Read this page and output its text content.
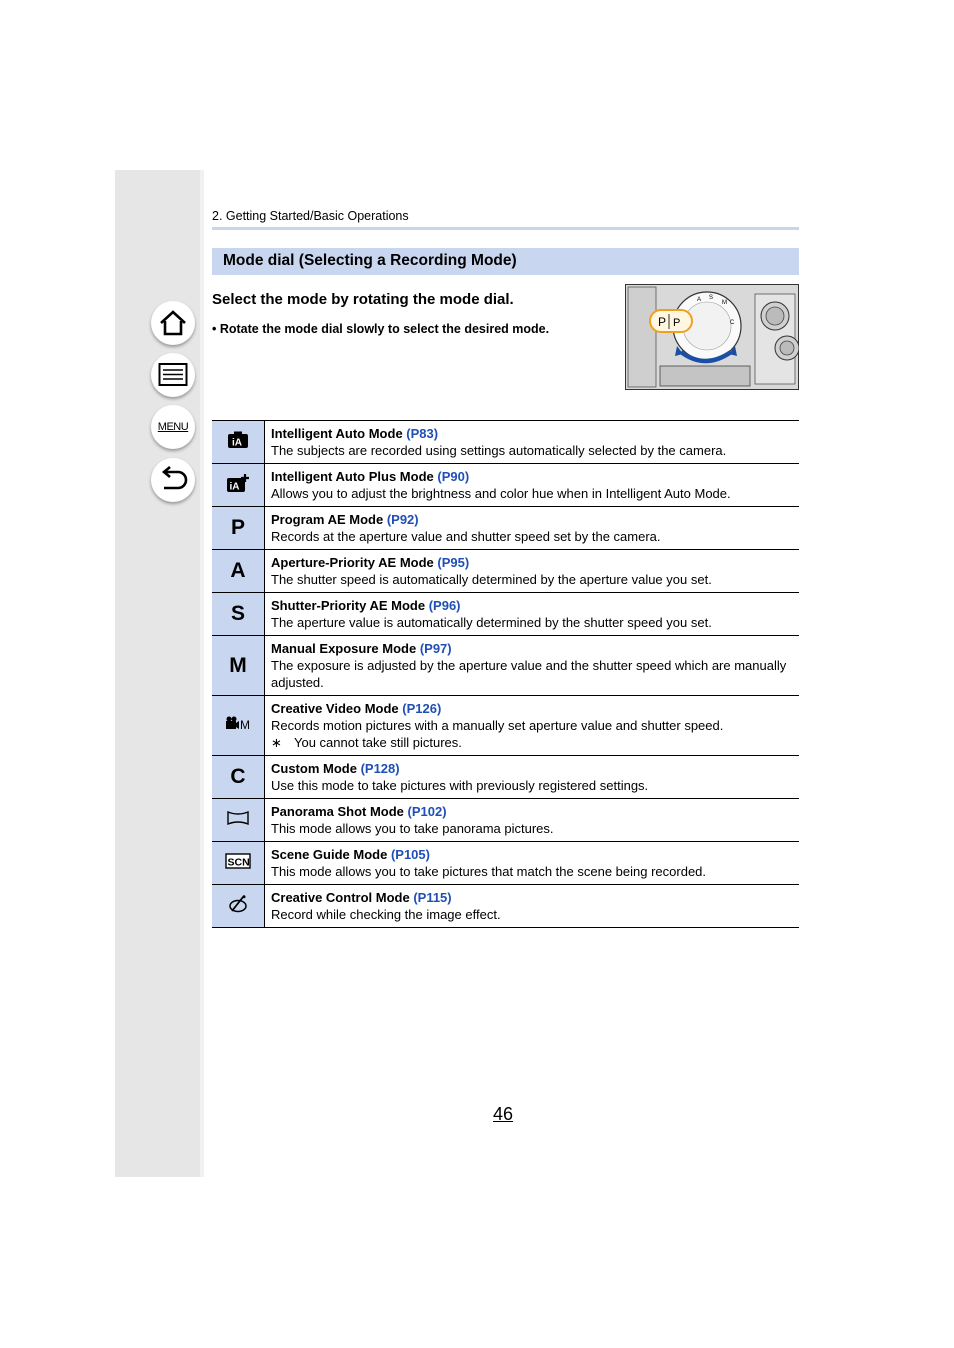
MENU
2. Getting Started/Basic Operations
Mode dial (Selecting a Recording Mode)
Select the mode by rotating the mode dial.
• Rotate the mode dial slowly to select the desired mode.
A S
M
C
P P
iA	Intelligent Auto Mode (P83)
The subjects are recorded using settings automatically selected by the camera.

iA	Intelligent Auto Plus Mode (P90)
Allows you to adjust the brightness and color hue when in Intelligent Auto Mode.
P	Program AE Mode (P92)
Records at the aperture value and shutter speed set by the camera.
A	Aperture-Priority AE Mode (P95)
The shutter speed is automatically determined by the aperture value you set.
S	Shutter-Priority AE Mode (P96)
The aperture value is automatically determined by the shutter speed you set.
M	Manual Exposure Mode (P97)
The exposure is adjusted by the aperture value and the shutter speed which are manually adjusted.

M	Creative Video Mode (P126)
Records motion pictures with a manually set aperture value and shutter speed.
∗ You cannot take still pictures.

C	Custom Mode (P128)
Use this mode to take pictures with previously registered settings.
	Panorama Shot Mode (P102)
This mode allows you to take panorama pictures.

SCN	Scene Guide Mode (P105)
This mode allows you to take pictures that match the scene being recorded.
	Creative Control Mode (P115)
Record while checking the image effect.
46
